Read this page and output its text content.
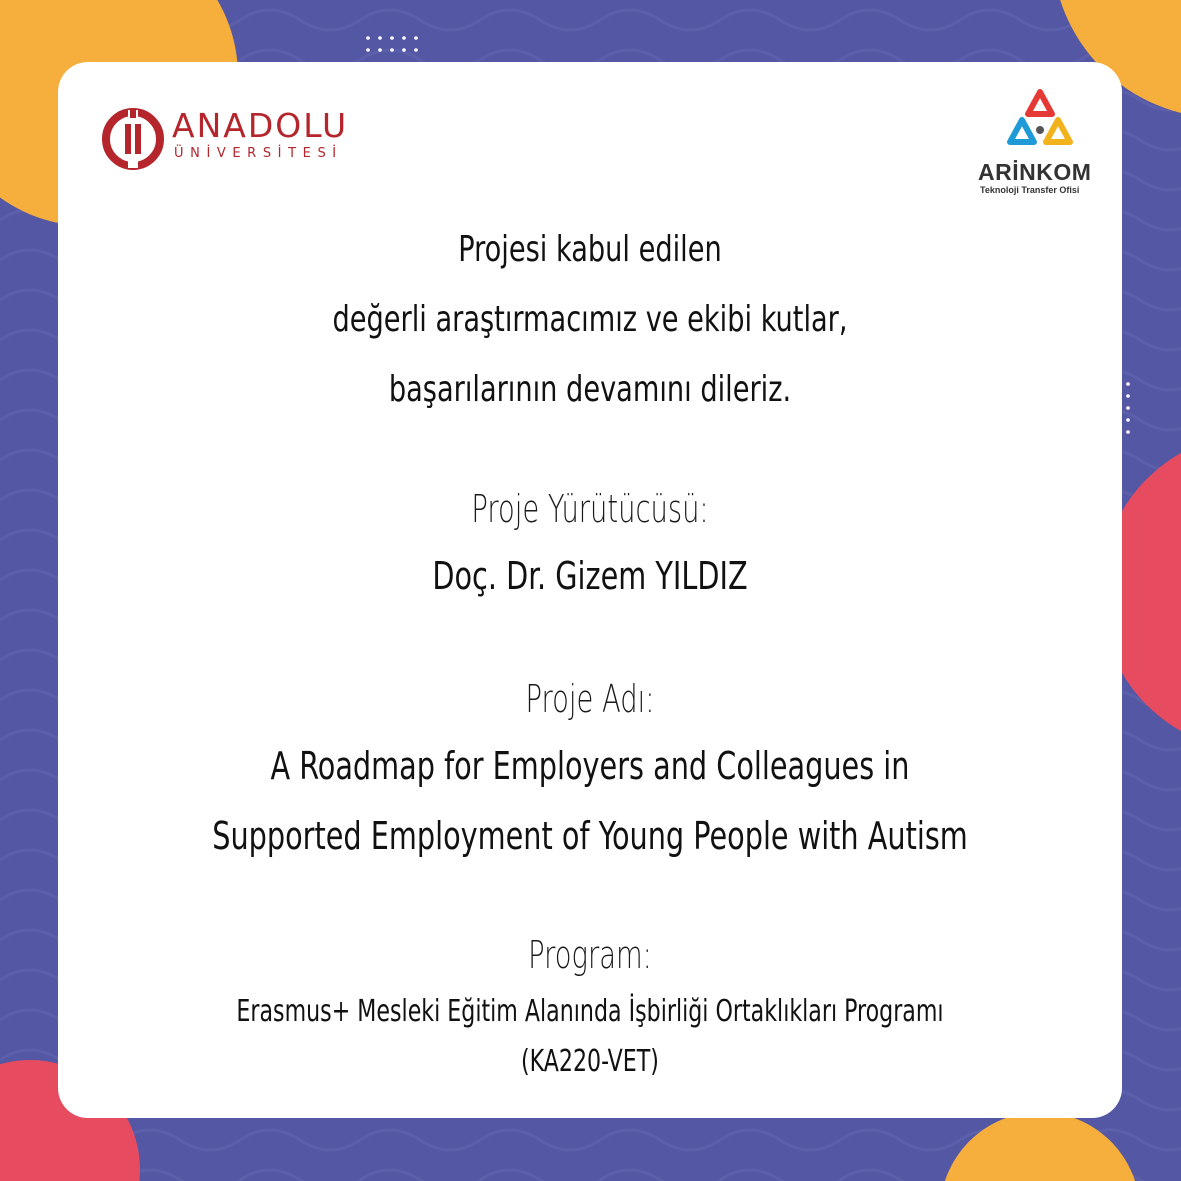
ANADOLU
ÜNİVERSİTESİ
ARİNKOM
Teknoloji Transfer Ofisi
Projesi kabul edilen
değerli araştırmacımız ve ekibi kutlar,
başarılarının devamını dileriz.
Proje Yürütücüsü:
Doç. Dr. Gizem YILDIZ
Proje Adı:
A Roadmap for Employers and Colleagues in
Supported Employment of Young People with Autism
Program:
Erasmus+ Mesleki Eğitim Alanında İşbirliği Ortaklıkları Programı
(KA220-VET)
